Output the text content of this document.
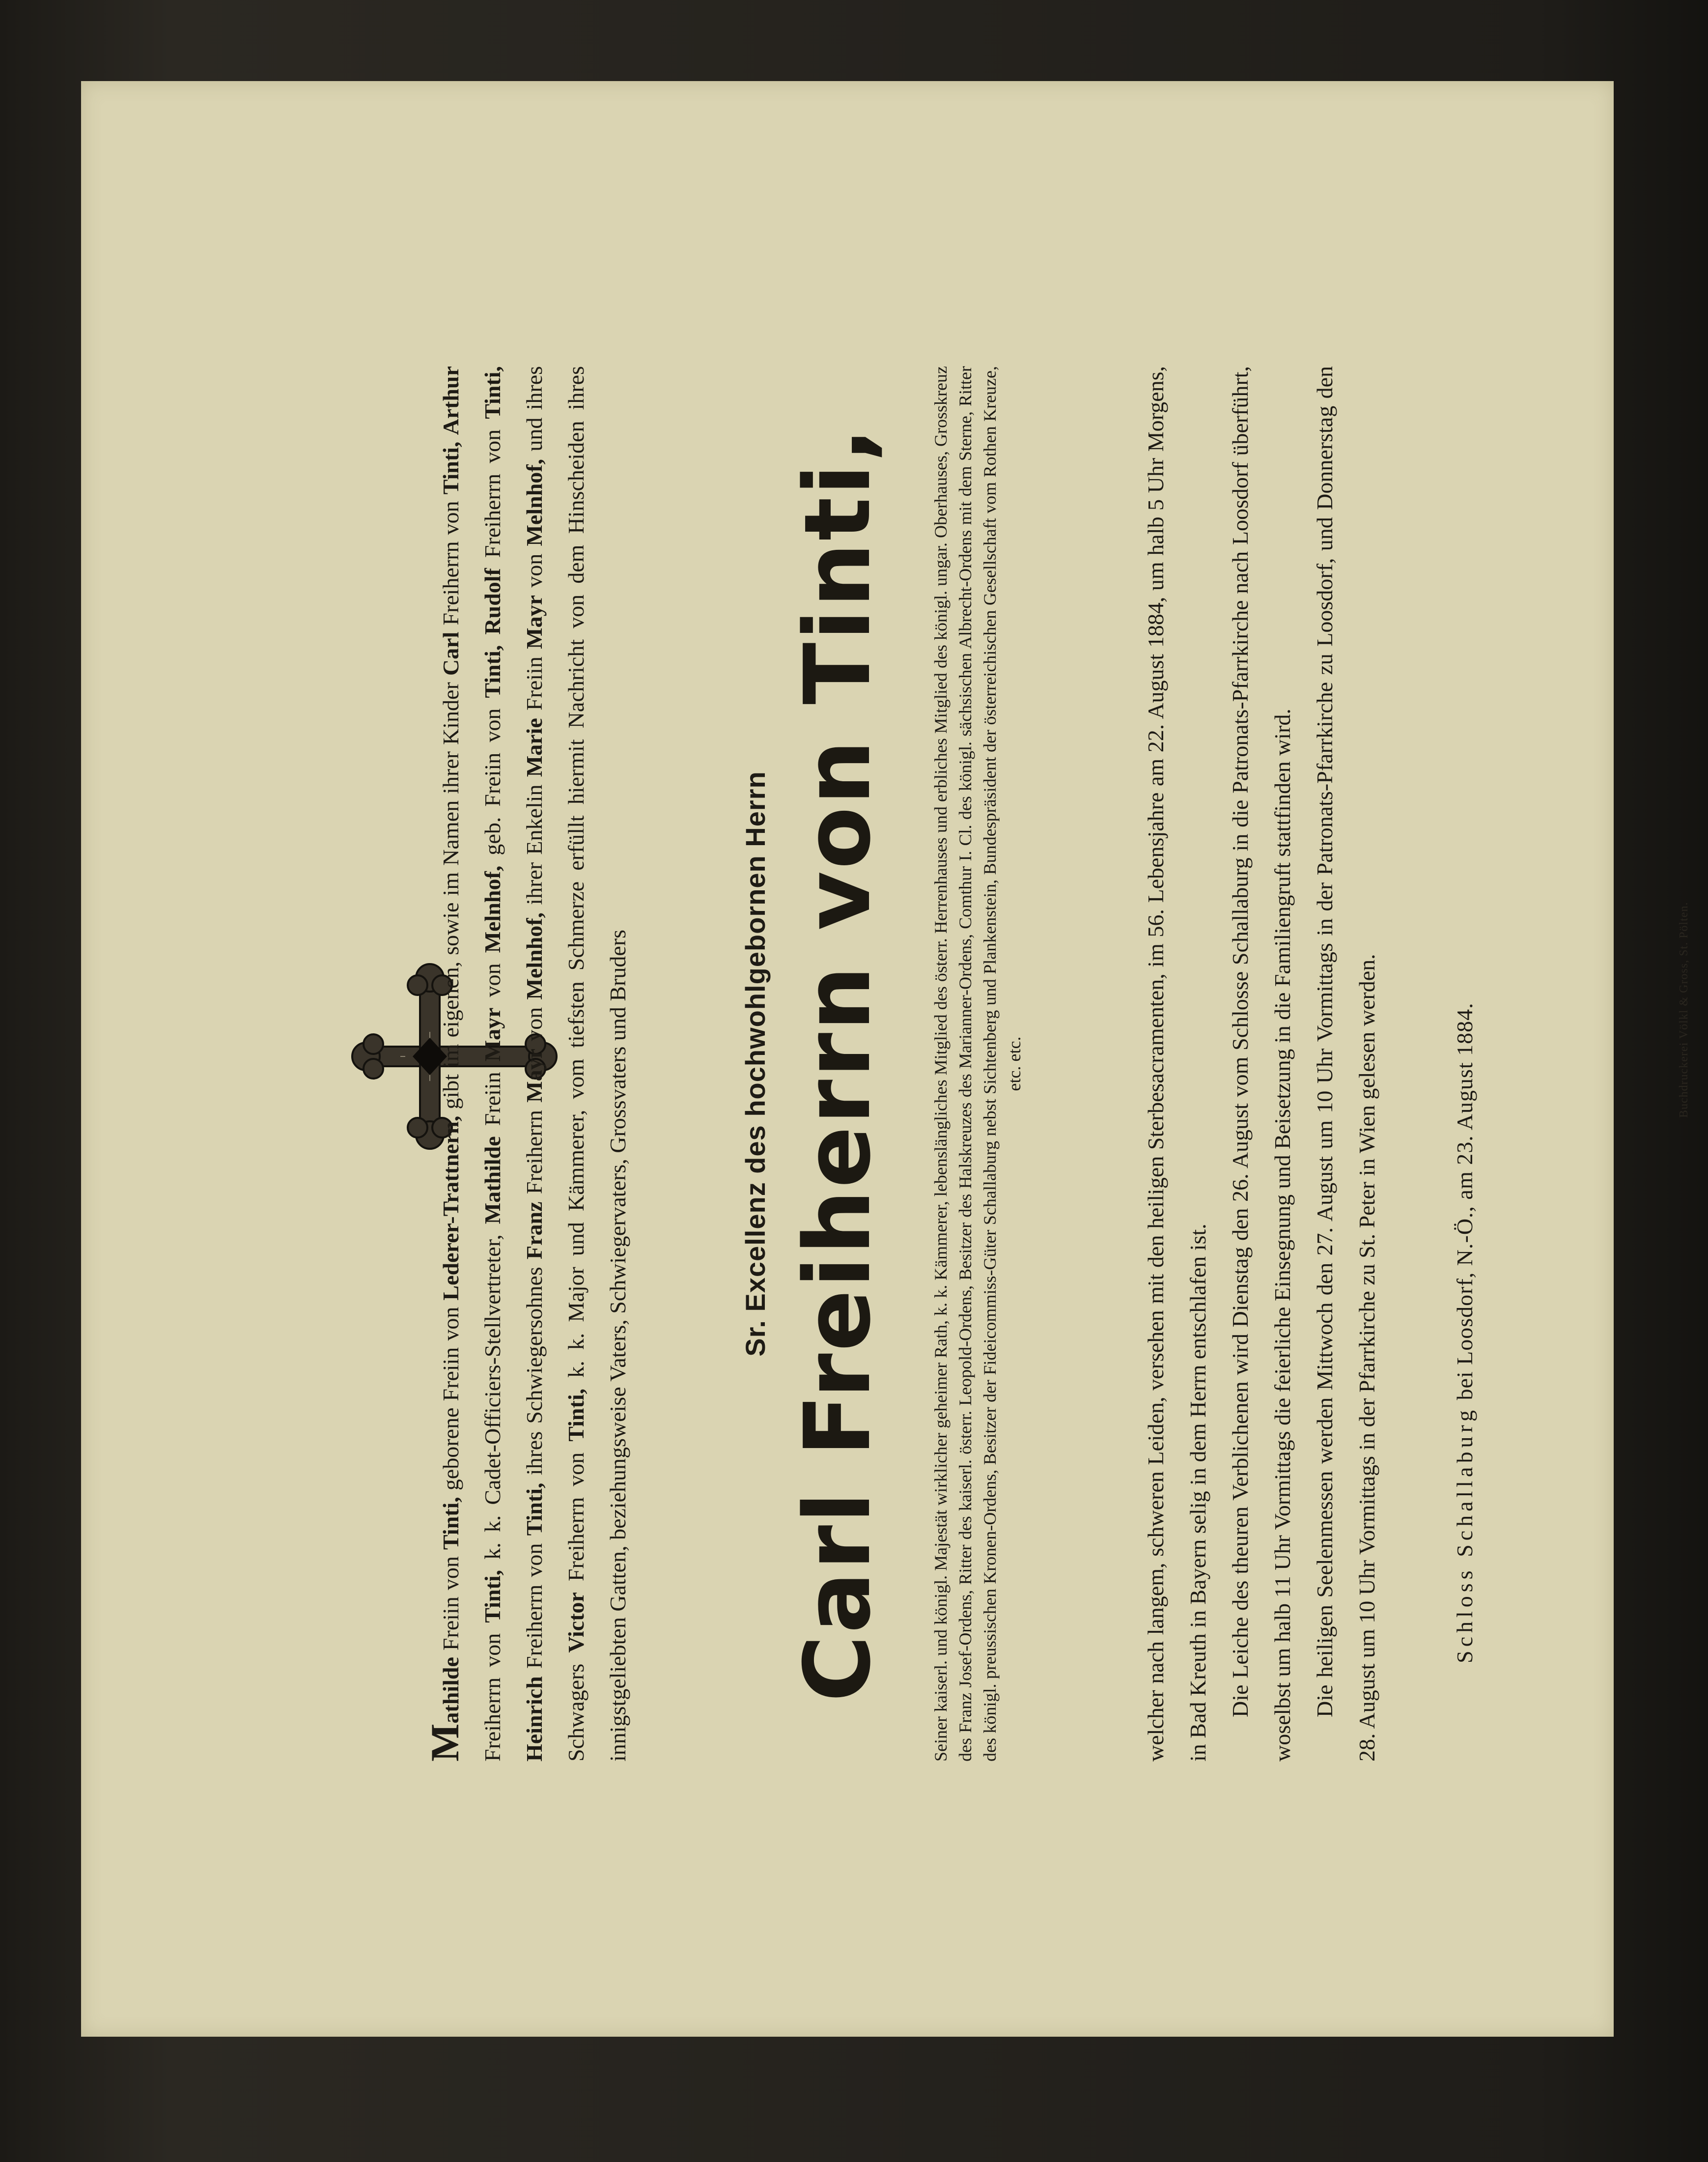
Mathilde Freiin von Tinti, geborene Freiin von Lederer-Trattnern, gibt im eigenen, sowie im Namen ihrer Kinder Carl Freiherrn von Tinti, Arthur Freiherrn von Tinti, k. k. Cadet-Officiers-Stellvertreter, Mathilde Freiin Mayr von Melnhof, geb. Freiin von Tinti, Rudolf Freiherrn von Tinti, Heinrich Freiherrn von Tinti, ihres Schwiegersohnes Franz Freiherrn Mayr von Melnhof, ihrer Enkelin Marie Freiin Mayr von Melnhof, und ihres Schwagers Victor Freiherrn von Tinti, k. k. Major und Kämmerer, vom tiefsten Schmerze erfüllt hiermit Nachricht von dem Hinscheiden ihres innigstgeliebten Gatten, beziehungsweise Vaters, Schwiegervaters, Grossvaters und Bruders	Sr. Excellenz des hochwohlgebornen Herrn Carl Freiherrn von Tinti, Seiner kaiserl. und königl. Majestät wirklicher geheimer Rath, k. k. Kämmerer, lebenslängliches Mitglied des österr. Herrenhauses und erbliches Mitglied des königl. ungar. Oberhauses, Grosskreuz des Franz Josef-Ordens, Ritter des kaiserl. österr. Leopold-Ordens, Besitzer des Halskreuzes des Marianner-Ordens, Comthur I. Cl. des königl. sächsischen Albrecht-Ordens mit dem Sterne, Ritter des königl. preussischen Kronen-Ordens, Besitzer der Fideicommiss-Güter Schallaburg nebst Sichtenberg und Plankenstein, Bundespräsident der österreichischen Gesellschaft vom Rothen Kreuze, etc. etc.	welcher nach langem, schweren Leiden, versehen mit den heiligen Sterbesacramenten, im 56. Lebensjahre am 22. August 1884, um halb 5 Uhr Morgens, in Bad Kreuth in Bayern selig in dem Herrn entschlafen ist. Die Leiche des theuren Verblichenen wird Dienstag den 26. August vom Schlosse Schallaburg in die Patronats-Pfarrkirche nach Loosdorf überführt, woselbst um halb 11 Uhr Vormittags die feierliche Einsegnung und Beisetzung in die Familiengruft stattfinden wird. Die heiligen Seelenmessen werden Mittwoch den 27. August um 10 Uhr Vormittags in der Patronats-Pfarrkirche zu Loosdorf, und Donnerstag den 28. August um 10 Uhr Vormittags in der Pfarrkirche zu St. Peter in Wien gelesen werden.	Schloss Schallaburg bei Loosdorf, N.-Ö., am 23. August 1884.	Buchdruckerei Völkl & Gross, St. Pölten.
